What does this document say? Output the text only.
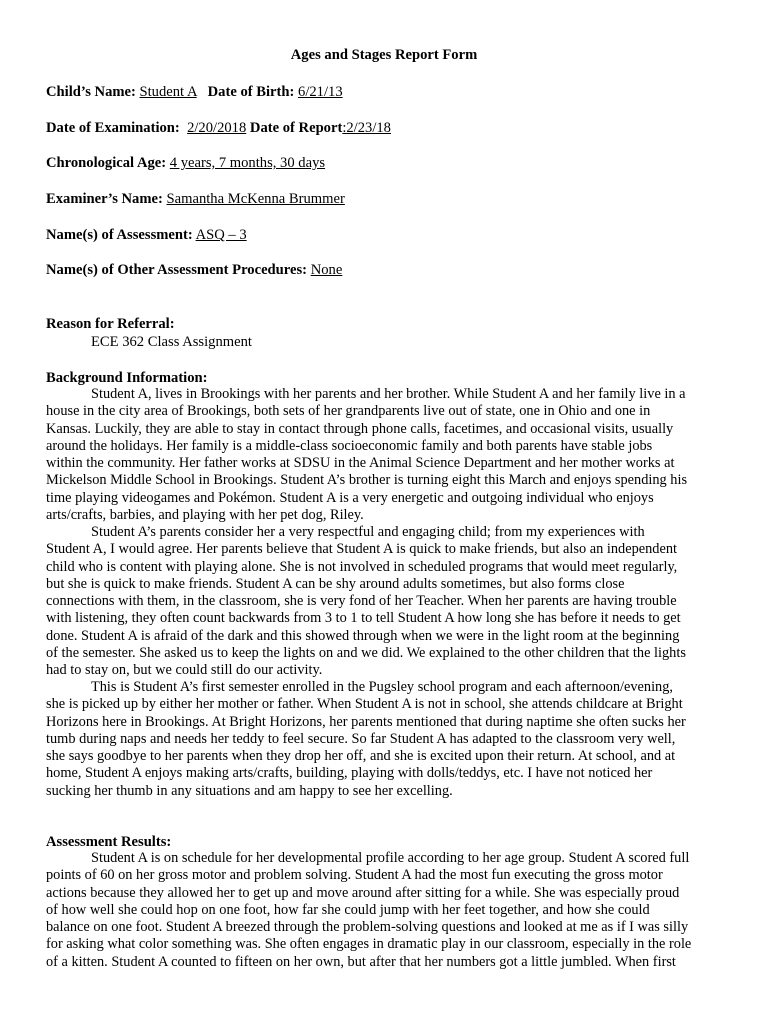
Ages and Stages Report Form
Child’s Name: Student A Date of Birth: 6/21/13
Date of Examination: 2/20/2018 Date of Report:2/23/18
Chronological Age: 4 years, 7 months, 30 days
Examiner’s Name: Samantha McKenna Brummer
Name(s) of Assessment: ASQ – 3
Name(s) of Other Assessment Procedures: None
Reason for Referral:
ECE 362 Class Assignment
Background Information:
Student A, lives in Brookings with her parents and her brother. While Student A and her family live in a
house in the city area of Brookings, both sets of her grandparents live out of state, one in Ohio and one in
Kansas. Luckily, they are able to stay in contact through phone calls, facetimes, and occasional visits, usually
around the holidays. Her family is a middle-class socioeconomic family and both parents have stable jobs
within the community. Her father works at SDSU in the Animal Science Department and her mother works at
Mickelson Middle School in Brookings. Student A’s brother is turning eight this March and enjoys spending his
time playing videogames and Pokémon. Student A is a very energetic and outgoing individual who enjoys
arts/crafts, barbies, and playing with her pet dog, Riley.
Student A’s parents consider her a very respectful and engaging child; from my experiences with
Student A, I would agree. Her parents believe that Student A is quick to make friends, but also an independent
child who is content with playing alone. She is not involved in scheduled programs that would meet regularly,
but she is quick to make friends. Student A can be shy around adults sometimes, but also forms close
connections with them, in the classroom, she is very fond of her Teacher. When her parents are having trouble
with listening, they often count backwards from 3 to 1 to tell Student A how long she has before it needs to get
done. Student A is afraid of the dark and this showed through when we were in the light room at the beginning
of the semester. She asked us to keep the lights on and we did. We explained to the other children that the lights
had to stay on, but we could still do our activity.
This is Student A’s first semester enrolled in the Pugsley school program and each afternoon/evening,
she is picked up by either her mother or father. When Student A is not in school, she attends childcare at Bright
Horizons here in Brookings. At Bright Horizons, her parents mentioned that during naptime she often sucks her
tumb during naps and needs her teddy to feel secure. So far Student A has adapted to the classroom very well,
she says goodbye to her parents when they drop her off, and she is excited upon their return. At school, and at
home, Student A enjoys making arts/crafts, building, playing with dolls/teddys, etc. I have not noticed her
sucking her thumb in any situations and am happy to see her excelling.
Assessment Results:
Student A is on schedule for her developmental profile according to her age group. Student A scored full
points of 60 on her gross motor and problem solving. Student A had the most fun executing the gross motor
actions because they allowed her to get up and move around after sitting for a while. She was especially proud
of how well she could hop on one foot, how far she could jump with her feet together, and how she could
balance on one foot. Student A breezed through the problem-solving questions and looked at me as if I was silly
for asking what color something was. She often engages in dramatic play in our classroom, especially in the role
of a kitten. Student A counted to fifteen on her own, but after that her numbers got a little jumbled. When first
